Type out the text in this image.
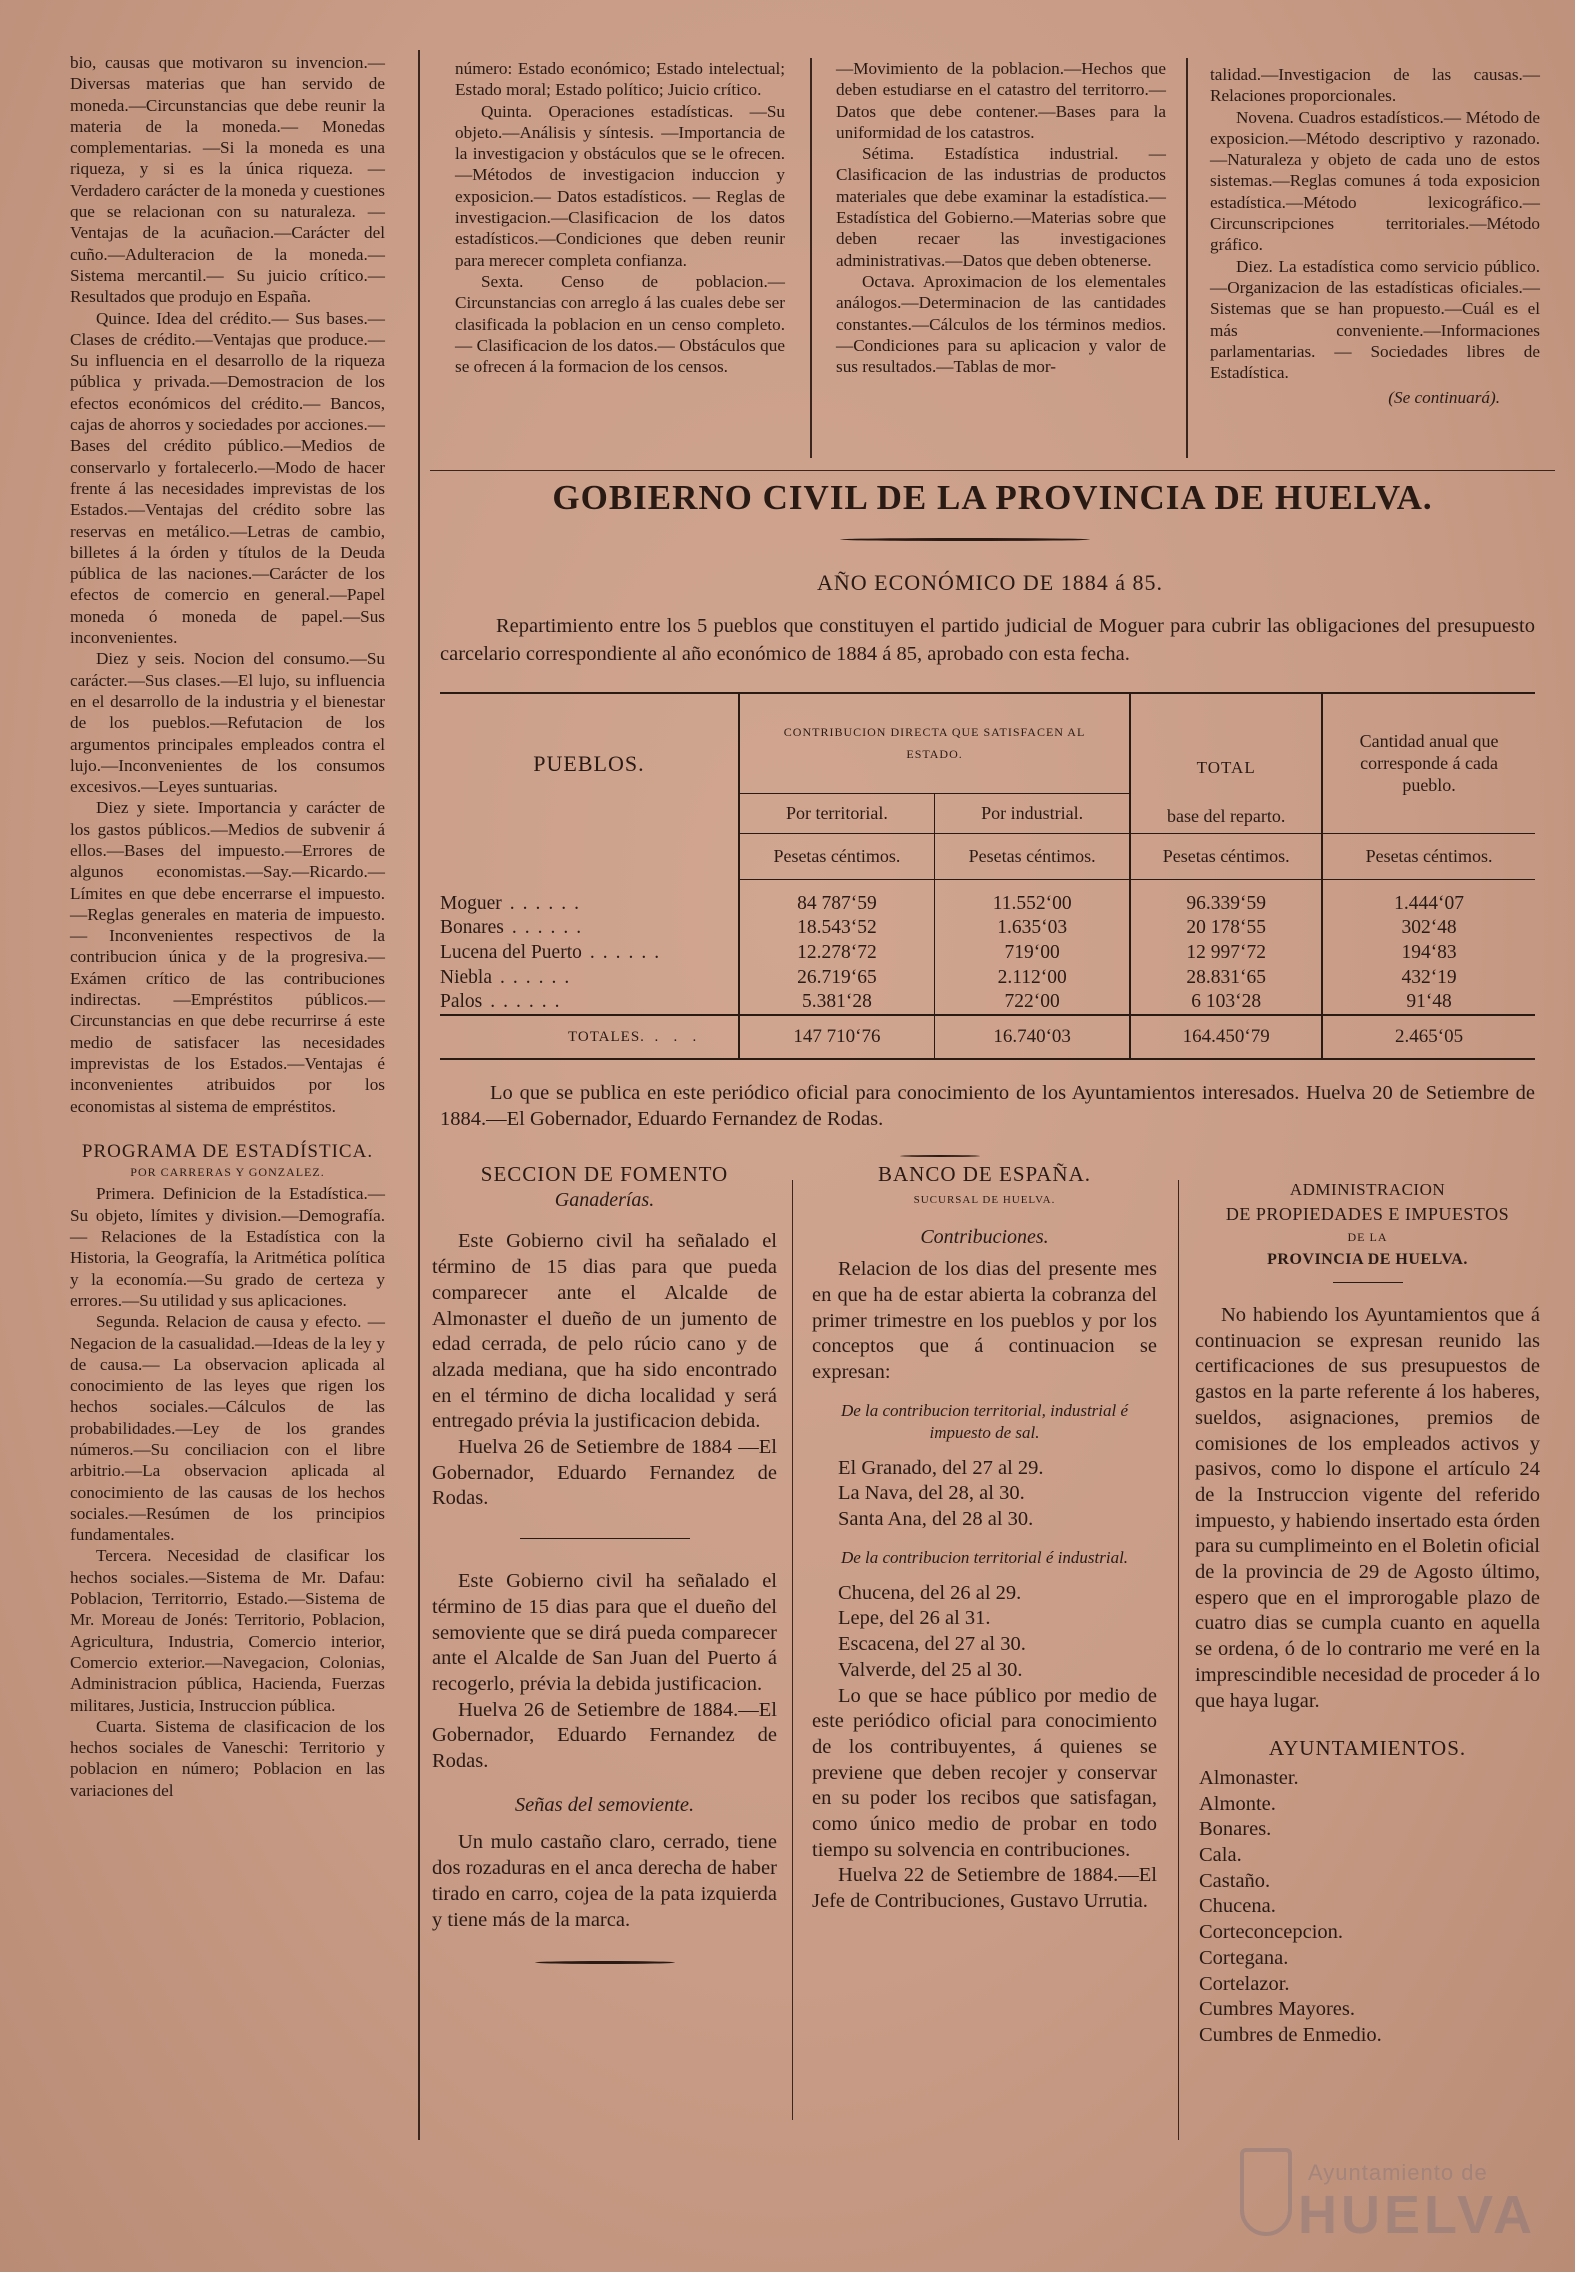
bio, causas que motivaron su invencion.—Diversas materias que han servido de moneda.—Circunstancias que debe reunir la materia de la moneda.— Monedas complementarias. —Si la moneda es una riqueza, y si es la única riqueza. — Verdadero carácter de la moneda y cuestiones que se relacionan con su naturaleza. —Ventajas de la acuñacion.—Carácter del cuño.—Adulteracion de la moneda.—Sistema mercantil.— Su juicio crítico.—Resultados que produjo en España.

Quince. Idea del crédito.— Sus bases.—Clases de crédito.—Ventajas que produce.—Su influencia en el desarrollo de la riqueza pública y privada.—Demostracion de los efectos económicos del crédito.— Bancos, cajas de ahorros y sociedades por acciones.—Bases del crédito público.—Medios de conservarlo y fortalecerlo.—Modo de hacer frente á las necesidades imprevistas de los Estados.—Ventajas del crédito sobre las reservas en metálico.—Letras de cambio, billetes á la órden y títulos de la Deuda pública de las naciones.—Carácter de los efectos de comercio en general.—Papel moneda ó moneda de papel.—Sus inconvenientes.

Diez y seis. Nocion del consumo.—Su carácter.—Sus clases.—El lujo, su influencia en el desarrollo de la industria y el bienestar de los pueblos.—Refutacion de los argumentos principales empleados contra el lujo.—Inconvenientes de los consumos excesivos.—Leyes suntuarias.

Diez y siete. Importancia y carácter de los gastos públicos.—Medios de subvenir á ellos.—Bases del impuesto.—Errores de algunos economistas.—Say.—Ricardo.— Límites en que debe encerrarse el impuesto.—Reglas generales en materia de impuesto.— Inconvenientes respectivos de la contribucion única y de la progresiva.—Exámen crítico de las contribuciones indirectas. —Empréstitos públicos.— Circunstancias en que debe recurrirse á este medio de satisfacer las necesidades imprevistas de los Estados.—Ventajas é inconvenientes atribuidos por los economistas al sistema de empréstitos.

PROGRAMA DE ESTADÍSTICA.

POR CARRERAS Y GONZALEZ.

Primera. Definicion de la Estadística.—Su objeto, límites y division.—Demografía.— Relaciones de la Estadística con la Historia, la Geografía, la Aritmética política y la economía.—Su grado de certeza y errores.—Su utilidad y sus aplicaciones.

Segunda. Relacion de causa y efecto. — Negacion de la casualidad.—Ideas de la ley y de causa.— La observacion aplicada al conocimiento de las leyes que rigen los hechos sociales.—Cálculos de las probabilidades.—Ley de los grandes números.—Su conciliacion con el libre arbitrio.—La observacion aplicada al conocimiento de las causas de los hechos sociales.—Resúmen de los principios fundamentales.

Tercera. Necesidad de clasificar los hechos sociales.—Sistema de Mr. Dafau: Poblacion, Territorrio, Estado.—Sistema de Mr. Moreau de Jonés: Territorio, Poblacion, Agricultura, Industria, Comercio interior, Comercio exterior.—Navegacion, Colonias, Administracion pública, Hacienda, Fuerzas militares, Justicia, Instruccion pública.

Cuarta. Sistema de clasificacion de los hechos sociales de Vaneschi: Territorio y poblacion en número; Poblacion en las variaciones del

número: Estado económico; Estado intelectual; Estado moral; Estado político; Juicio crítico.

Quinta. Operaciones estadísticas. —Su objeto.—Análisis y síntesis. —Importancia de la investigacion y obstáculos que se le ofrecen.—Métodos de investigacion induccion y exposicion.— Datos estadísticos. — Reglas de investigacion.—Clasificacion de los datos estadísticos.—Condiciones que deben reunir para merecer completa confianza.

Sexta. Censo de poblacion.—Circunstancias con arreglo á las cuales debe ser clasificada la poblacion en un censo completo.— Clasificacion de los datos.— Obstáculos que se ofrecen á la formacion de los censos.

—Movimiento de la poblacion.—Hechos que deben estudiarse en el catastro del territorro.—Datos que debe contener.—Bases para la uniformidad de los catastros.

Sétima. Estadística industrial. —Clasificacion de las industrias de productos materiales que debe examinar la estadística.— Estadística del Gobierno.—Materias sobre que deben recaer las investigaciones administrativas.—Datos que deben obtenerse.

Octava. Aproximacion de los elementales análogos.—Determinacion de las cantidades constantes.—Cálculos de los términos medios.—Condiciones para su aplicacion y valor de sus resultados.—Tablas de mor-

talidad.—Investigacion de las causas.—Relaciones proporcionales.

Novena. Cuadros estadísticos.— Método de exposicion.—Método descriptivo y razonado.—Naturaleza y objeto de cada uno de estos sistemas.—Reglas comunes á toda exposicion estadística.—Método lexicográfico.—Circunscripciones territoriales.—Método gráfico.

Diez. La estadística como servicio público.—Organizacion de las estadísticas oficiales.—Sistemas que se han propuesto.—Cuál es el más conveniente.—Informaciones parlamentarias. — Sociedades libres de Estadística.

(Se continuará).

GOBIERNO CIVIL DE LA PROVINCIA DE HUELVA.
AÑO ECONÓMICO DE 1884 á 85.
Repartimiento entre los 5 pueblos que constituyen el partido judicial de Moguer para cubrir las obligaciones del presupuesto carcelario correspondiente al año económico de 1884 á 85, aprobado con esta fecha.
PUEBLOS.	CONTRIBUCION DIRECTA QUE SATISFACEN AL ESTADO.		TOTAL
base del reparto.	Cantidad anual que corresponde á cada pueblo.
	Por territorial.	Por industrial.		
	Pesetas céntimos.	Pesetas céntimos.	Pesetas céntimos.	Pesetas céntimos.
Moguer ......	84 787‘59	11.552‘00	96.339‘59	1.444‘07
Bonares ......	18.543‘52	1.635‘03	20 178‘55	302‘48
Lucena del Puerto ......	12.278‘72	719‘00	12 997‘72	194‘83
Niebla ......	26.719‘65	2.112‘00	28.831‘65	432‘19
Palos ......	5.381‘28	722‘00	6 103‘28	91‘48
TOTALES.  .   .   .	147 710‘76	16.740‘03	164.450‘79	2.465‘05
Lo que se publica en este periódico oficial para conocimiento de los Ayuntamientos interesados. Huelva 20 de Setiembre de 1884.—El Gobernador, Eduardo Fernandez de Rodas.

SECCION DE FOMENTO

Ganaderías.

Este Gobierno civil ha señalado el término de 15 dias para que pueda comparecer ante el Alcalde de Almonaster el dueño de un jumento de edad cerrada, de pelo rúcio cano y de alzada mediana, que ha sido encontrado en el término de dicha localidad y será entregado prévia la justificacion debida.

Huelva 26 de Setiembre de 1884 —El Gobernador, Eduardo Fernandez de Rodas.

Este Gobierno civil ha señalado el término de 15 dias para que el dueño del semoviente que se dirá pueda comparecer ante el Alcalde de San Juan del Puerto á recogerlo, prévia la debida justificacion.

Huelva 26 de Setiembre de 1884.—El Gobernador, Eduardo Fernandez de Rodas.

Señas del semoviente.

Un mulo castaño claro, cerrado, tiene dos rozaduras en el anca derecha de haber tirado en carro, cojea de la pata izquierda y tiene más de la marca.

BANCO DE ESPAÑA.

SUCURSAL DE HUELVA.

Contribuciones.

Relacion de los dias del presente mes en que ha de estar abierta la cobranza del primer trimestre en los pueblos y por los conceptos que á continuacion se expresan:

De la contribucion territorial, industrial é impuesto de sal.

El Granado, del 27 al 29.

La Nava, del 28, al 30.

Santa Ana, del 28 al 30.

De la contribucion territorial é industrial.

Chucena, del 26 al 29.

Lepe, del 26 al 31.

Escacena, del 27 al 30.

Valverde, del 25 al 30.

Lo que se hace público por medio de este periódico oficial para conocimiento de los contribuyentes, á quienes se previene que deben recojer y conservar en su poder los recibos que satisfagan, como único medio de probar en todo tiempo su solvencia en contribuciones.

Huelva 22 de Setiembre de 1884.—El Jefe de Contribuciones, Gustavo Urrutia.

ADMINISTRACION

DE PROPIEDADES E IMPUESTOS

DE LA

PROVINCIA DE HUELVA.

No habiendo los Ayuntamientos que á continuacion se expresan reunido las certificaciones de sus presupuestos de gastos en la parte referente á los haberes, sueldos, asignaciones, premios de comisiones de los empleados activos y pasivos, como lo dispone el artículo 24 de la Instruccion vigente del referido impuesto, y habiendo insertado esta órden para su cumplimeinto en el Boletin oficial de la provincia de 29 de Agosto último, espero que en el improrogable plazo de cuatro dias se cumpla cuanto en aquella se ordena, ó de lo contrario me veré en la imprescindible necesidad de proceder á lo que haya lugar.

AYUNTAMIENTOS.

Almonaster.

Almonte.

Bonares.

Cala.

Castaño.

Chucena.

Corteconcepcion.

Cortegana.

Cortelazor.

Cumbres Mayores.

Cumbres de Enmedio.

Ayuntamiento de
HUELVA
